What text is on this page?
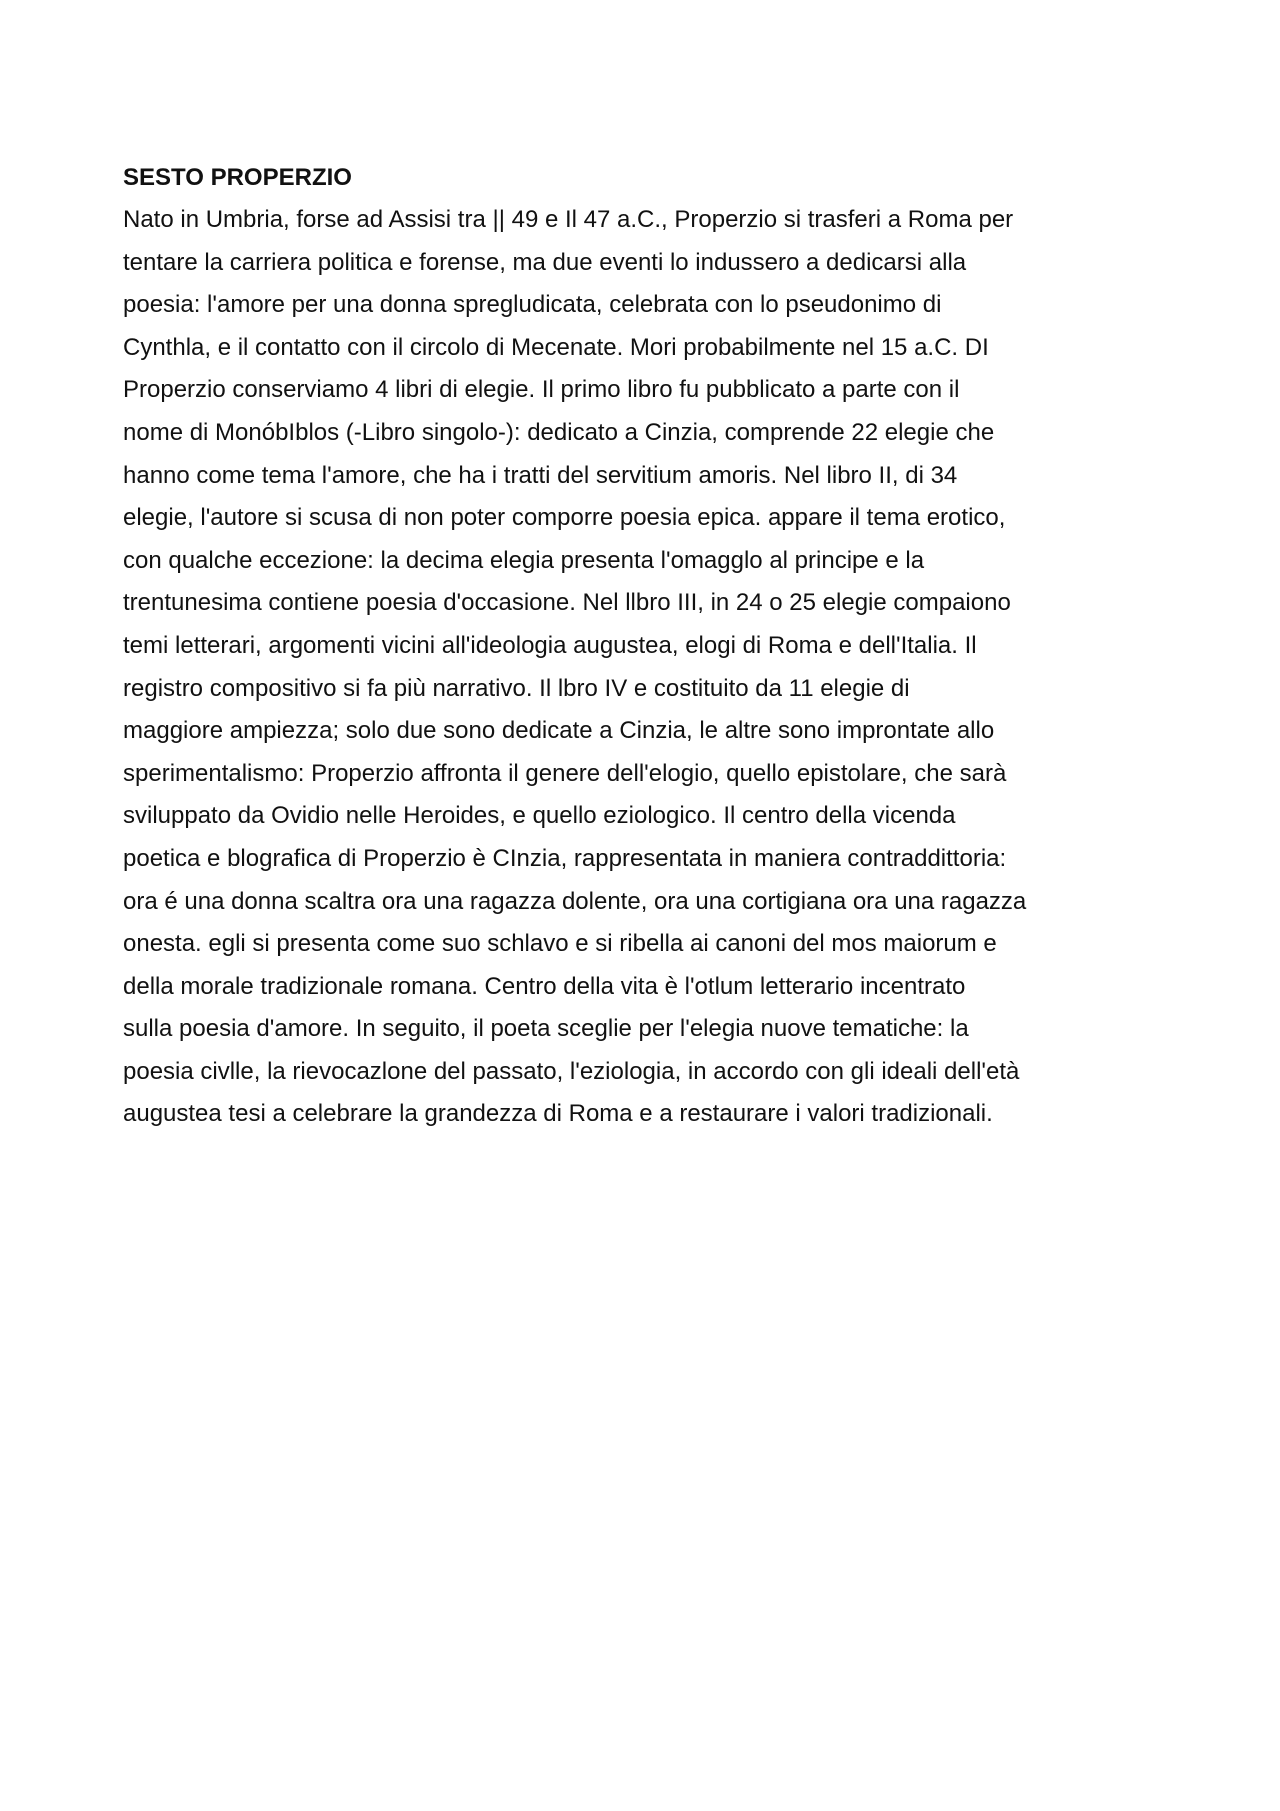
SESTO PROPERZIO

Nato in Umbria, forse ad Assisi tra || 49 e Il 47 a.C., Properzio si trasferi a Roma per

tentare la carriera politica e forense, ma due eventi lo indussero a dedicarsi alla

poesia: l'amore per una donna spregludicata, celebrata con lo pseudonimo di

Cynthla, e il contatto con il circolo di Mecenate. Mori probabilmente nel 15 a.C. DI

Properzio conserviamo 4 libri di elegie. Il primo libro fu pubblicato a parte con il

nome di MonóbIblos (-Libro singolo-): dedicato a Cinzia, comprende 22 elegie che

hanno come tema l'amore, che ha i tratti del servitium amoris. Nel libro II, di 34

elegie, l'autore si scusa di non poter comporre poesia epica. appare il tema erotico,

con qualche eccezione: la decima elegia presenta l'omagglo al principe e la

trentunesima contiene poesia d'occasione. Nel llbro III, in 24 o 25 elegie compaiono

temi letterari, argomenti vicini all'ideologia augustea, elogi di Roma e dell'Italia. Il

registro compositivo si fa più narrativo. Il lbro IV e costituito da 11 elegie di

maggiore ampiezza; solo due sono dedicate a Cinzia, le altre sono improntate allo

sperimentalismo: Properzio affronta il genere dell'elogio, quello epistolare, che sarà

sviluppato da Ovidio nelle Heroides, e quello eziologico. Il centro della vicenda

poetica e blografica di Properzio è CInzia, rappresentata in maniera contraddittoria:

ora é una donna scaltra ora una ragazza dolente, ora una cortigiana ora una ragazza

onesta. egli si presenta come suo schlavo e si ribella ai canoni del mos maiorum e

della morale tradizionale romana. Centro della vita è l'otlum letterario incentrato

sulla poesia d'amore. In seguito, il poeta sceglie per l'elegia nuove tematiche: la

poesia civlle, la rievocazlone del passato, l'eziologia, in accordo con gli ideali dell'età

augustea tesi a celebrare la grandezza di Roma e a restaurare i valori tradizionali.
